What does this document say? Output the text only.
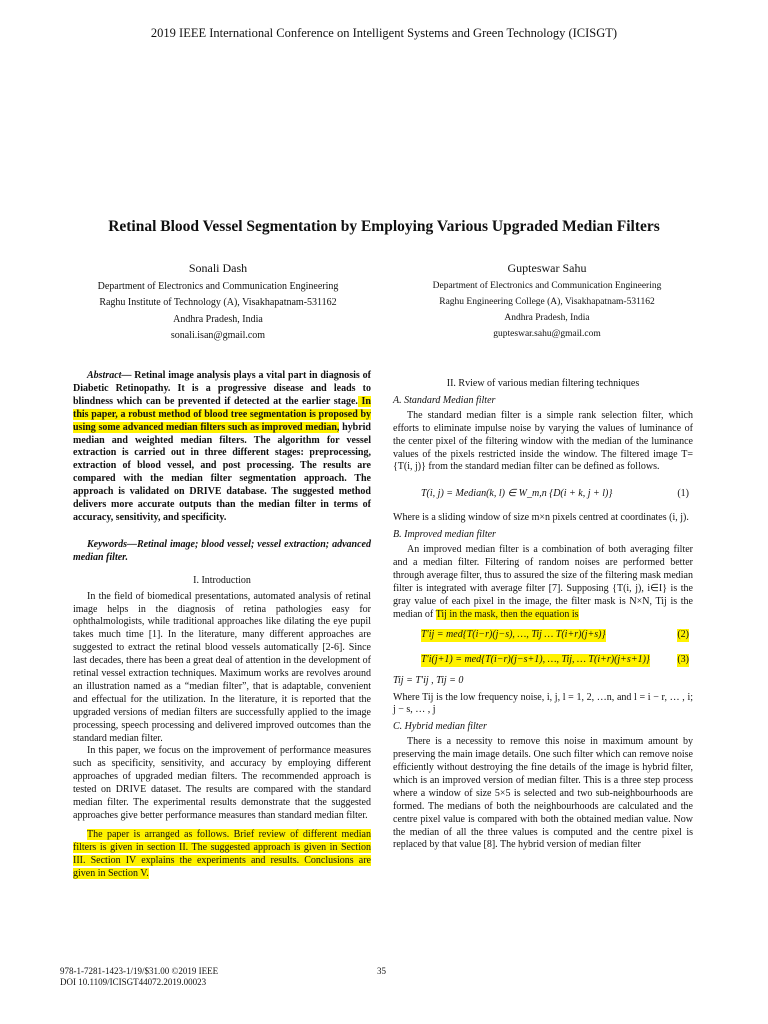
2019 IEEE International Conference on Intelligent Systems and Green Technology (ICISGT)
Retinal Blood Vessel Segmentation by Employing Various Upgraded Median Filters
Sonali Dash
Department of Electronics and Communication Engineering
Raghu Institute of Technology (A), Visakhapatnam-531162
Andhra Pradesh, India
sonali.isan@gmail.com
Gupteswar Sahu
Department of Electronics and Communication Engineering
Raghu Engineering College (A), Visakhapatnam-531162
Andhra Pradesh, India
gupteswar.sahu@gmail.com

Abstract— Retinal image analysis plays a vital part in diagnosis of Diabetic Retinopathy. It is a progressive disease and leads to blindness which can be prevented if detected at the earlier stage. In this paper, a robust method of blood tree segmentation is proposed by using some advanced median filters such as improved median, hybrid median and weighted median filters. The algorithm for vessel extraction is carried out in three different stages: preprocessing, extraction of blood vessel, and post processing. The results are compared with the median filter segmentation approach. The approach is validated on DRIVE database. The suggested method delivers more accurate outputs than the median filter in terms of accuracy, sensitivity, and specificity.

Keywords—Retinal image; blood vessel; vessel extraction; advanced median filter.

I. Introduction

In the field of biomedical presentations, automated analysis of retinal image helps in the diagnosis of retina pathologies easy for ophthalmologists, while traditional approaches like dilating the eye pupil takes much time [1]. In the literature, many different approaches are suggested to extract the retinal blood vessels automatically [2-6]. Since last decades, there has been a great deal of attention in the development of retinal vessel extraction techniques. Maximum works are revolves around an illustration named as a “median filter”, that is adaptable, convenient and effectual for the utilization. In the literature, it is reported that the upgraded versions of median filters are successfully applied to the image processing, speech processing and delivered improved outcomes than the standard median filter.

In this paper, we focus on the improvement of performance measures such as specificity, sensitivity, and accuracy by employing different approaches of upgraded median filters. The recommended approach is tested on DRIVE dataset. The results are compared with the standard median filter. The experimental results demonstrate that the suggested approaches give better performance measures than standard median filter.

The paper is arranged as follows. Brief review of different median filters is given in section II. The suggested approach is given in Section III. Section IV explains the experiments and results. Conclusions are given in Section V.

II. Rview of various median filtering techniques
A. Standard Median filter

The standard median filter is a simple rank selection filter, which efforts to eliminate impulse noise by varying the values of luminance of the center pixel of the filtering window with the median of the luminance values of the pixels restricted inside the window. The filtered image T={T(i, j)} from the standard median filter can be defined as follows.

T(i, j) = Median(k, l) ∈ W_m,n {D(i + k, j + l)}	(1)

Where is a sliding window of size m×n pixels centred at coordinates (i, j).

B. Improved median filter

An improved median filter is a combination of both averaging filter and a median filter. Filtering of random noises are performed better through average filter, thus to assured the size of the filtering mask median filter is integrated with average filter [7]. Supposing {T(i, j), i∈I} is the gray value of each pixel in the image, the filter mask is N×N, Tij is the median of Tij in the mask, then the equation is

T′ij = med{T(i−r)(j−s), …, Tij … T(i+r)(j+s)}	(2)
T′i(j+1) = med{T(i−r)(j−s+1), …, Tij, … T(i+r)(j+s+1)}	(3)

Tij = T′ij , Tij = 0

Where Tij is the low frequency noise, i, j, l = 1, 2, …n, and l = i − r, … , i; j − s, … , j

C. Hybrid median filter

There is a necessity to remove this noise in maximum amount by preserving the main image details. One such filter which can remove noise efficiently without destroying the fine details of the image is hybrid filter, which is an improved version of median filter. This is a three step process where a window of size 5×5 is selected and two sub-neighbourhoods are formed. The medians of both the neighbourhoods are calculated and the centre pixel value is compared with both the obtained median value. Now the median of all the three values is computed and the centre pixel is replaced by that value [8]. The hybrid version of median filter

978-1-7281-1423-1/19/$31.00 ©2019 IEEE
DOI 10.1109/ICISGT44072.2019.00023
35
